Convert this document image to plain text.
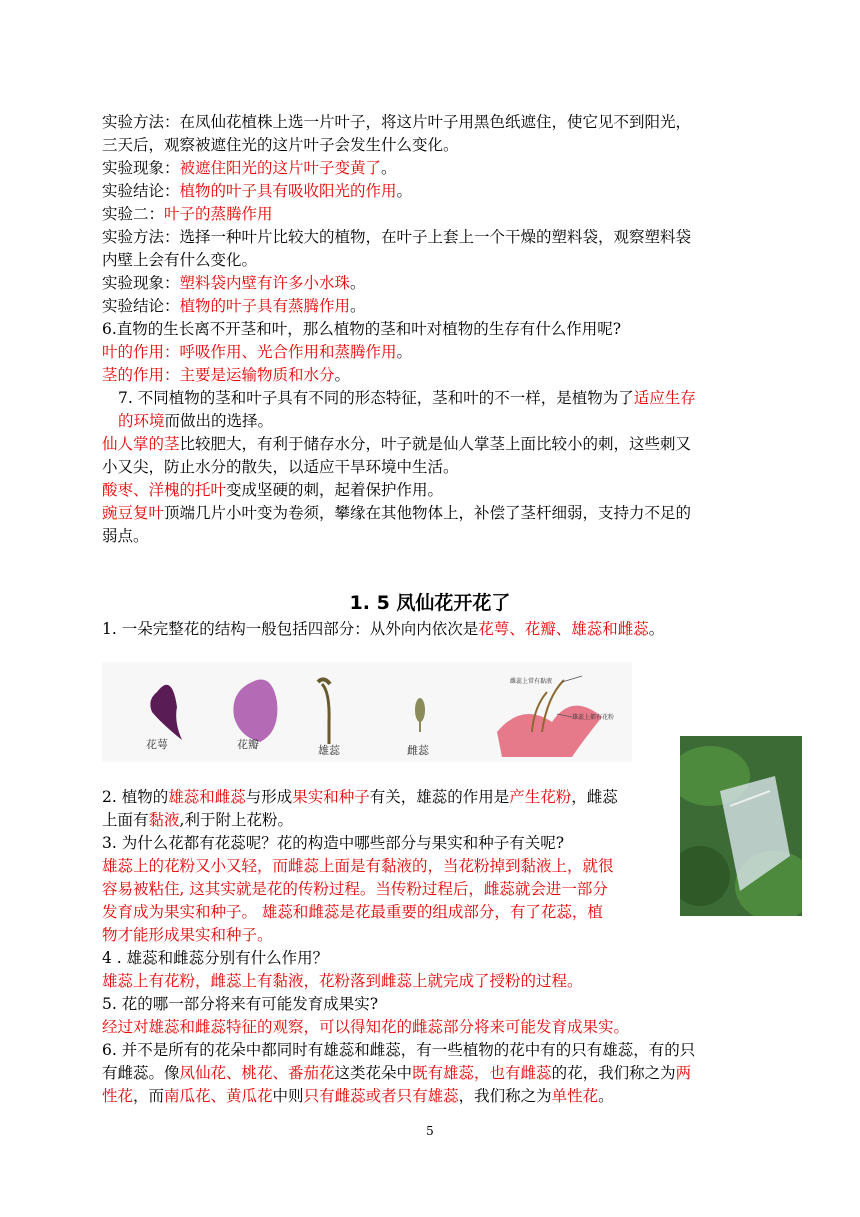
实验方法：在凤仙花植株上选一片叶子，将这片叶子用黑色纸遮住，使它见不到阳光，
三天后，观察被遮住光的这片叶子会发生什么变化。
实验现象：被遮住阳光的这片叶子变黄了。
实验结论：植物的叶子具有吸收阳光的作用。
实验二：叶子的蒸腾作用
实验方法：选择一种叶片比较大的植物，在叶子上套上一个干燥的塑料袋，观察塑料袋
内壁上会有什么变化。
实验现象：塑料袋内壁有许多小水珠。
实验结论：植物的叶子具有蒸腾作用。
6.直物的生长离不开茎和叶，那么植物的茎和叶对植物的生存有什么作用呢?
叶的作用：呼吸作用、光合作用和蒸腾作用。
茎的作用：主要是运输物质和水分。
7. 不同植物的茎和叶子具有不同的形态特征，茎和叶的不一样，是植物为了适应生存
的环境而做出的选择。
仙人掌的茎比较肥大，有利于储存水分，叶子就是仙人掌茎上面比较小的刺，这些刺又
小又尖，防止水分的散失，以适应干旱环境中生活。
酸枣、洋槐的托叶变成坚硬的刺，起着保护作用。
豌豆复叶顶端几片小叶变为卷须，攀缘在其他物体上，补偿了茎杆细弱，支持力不足的
弱点。
1. 5 凤仙花开花了
1. 一朵完整花的结构一般包括四部分：从外向内依次是花萼、花瓣、雄蕊和雌蕊。
花萼	花瓣	雄蕊	雌蕊
雌蕊上常有黏液
雄蕊上都有花粉
2. 植物的雄蕊和雌蕊与形成果实和种子有关，雄蕊的作用是产生花粉，雌蕊
上面有黏液,利于附上花粉。
3. 为什么花都有花蕊呢？花的构造中哪些部分与果实和种子有关呢?
雄蕊上的花粉又小又轻，而雌蕊上面是有黏液的，当花粉掉到黏液上，就很
容易被粘住, 这其实就是花的传粉过程。当传粉过程后，雌蕊就会进一部分
发育成为果实和种子。 雄蕊和雌蕊是花最重要的组成部分，有了花蕊，植
物才能形成果实和种子。
4 . 雄蕊和雌蕊分别有什么作用？
雄蕊上有花粉，雌蕊上有黏液，花粉落到雌蕊上就完成了授粉的过程。
5. 花的哪一部分将来有可能发育成果实?
经过对雄蕊和雌蕊特征的观察，可以得知花的雌蕊部分将来可能发育成果实。
6. 并不是所有的花朵中都同时有雄蕊和雌蕊，有一些植物的花中有的只有雄蕊，有的只
有雌蕊。像凤仙花、桃花、番茄花这类花朵中既有雄蕊，也有雌蕊的花，我们称之为两
性花，而南瓜花、黄瓜花中则只有雌蕊或者只有雄蕊，我们称之为单性花。
5
